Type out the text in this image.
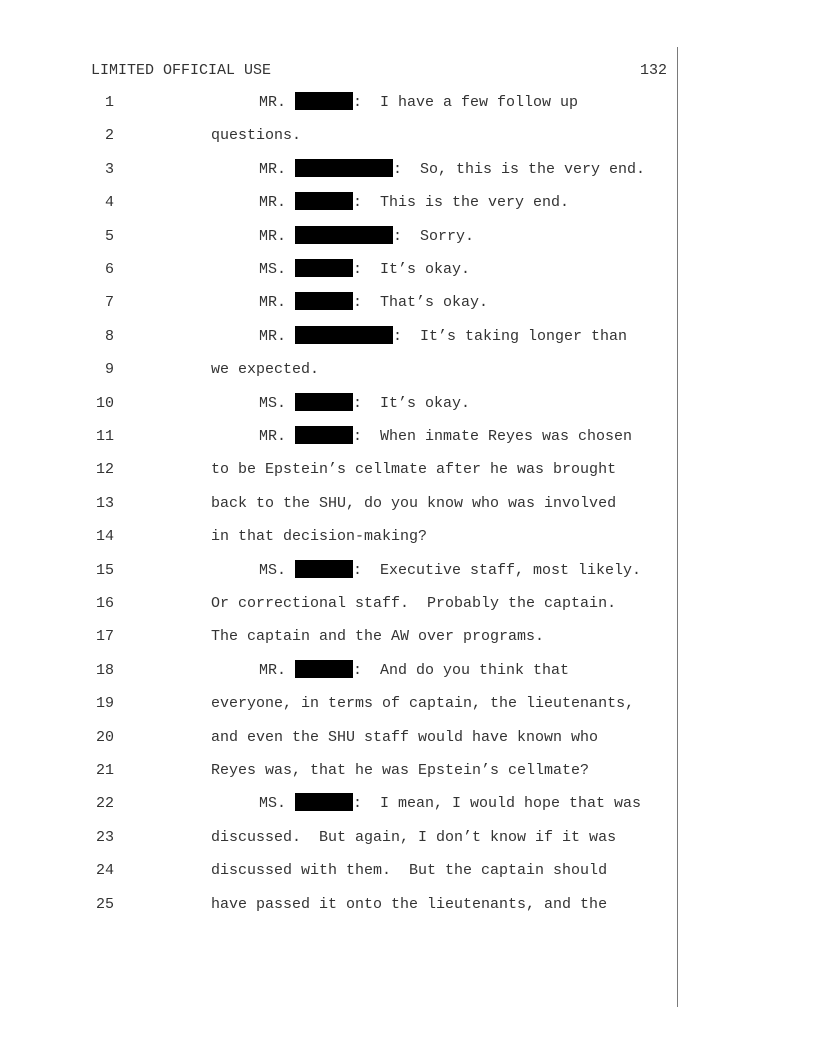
LIMITED OFFICIAL USE	132
1	MR.	:  I have a few follow up
2	questions.
3	MR.	:  So, this is the very end.
4	MR.	:  This is the very end.
5	MR.	:  Sorry.
6	MS.	:  It’s okay.
7	MR.	:  That’s okay.
8	MR.	:  It’s taking longer than
9	we expected.
10	MS.	:  It’s okay.
11	MR.	:  When inmate Reyes was chosen
12	to be Epstein’s cellmate after he was brought
13	back to the SHU, do you know who was involved
14	in that decision-making?
15	MS.	:  Executive staff, most likely.
16	Or correctional staff.  Probably the captain.
17	The captain and the AW over programs.
18	MR.	:  And do you think that
19	everyone, in terms of captain, the lieutenants,
20	and even the SHU staff would have known who
21	Reyes was, that he was Epstein’s cellmate?
22	MS.	:  I mean, I would hope that was
23	discussed.  But again, I don’t know if it was
24	discussed with them.  But the captain should
25	have passed it onto the lieutenants, and the
